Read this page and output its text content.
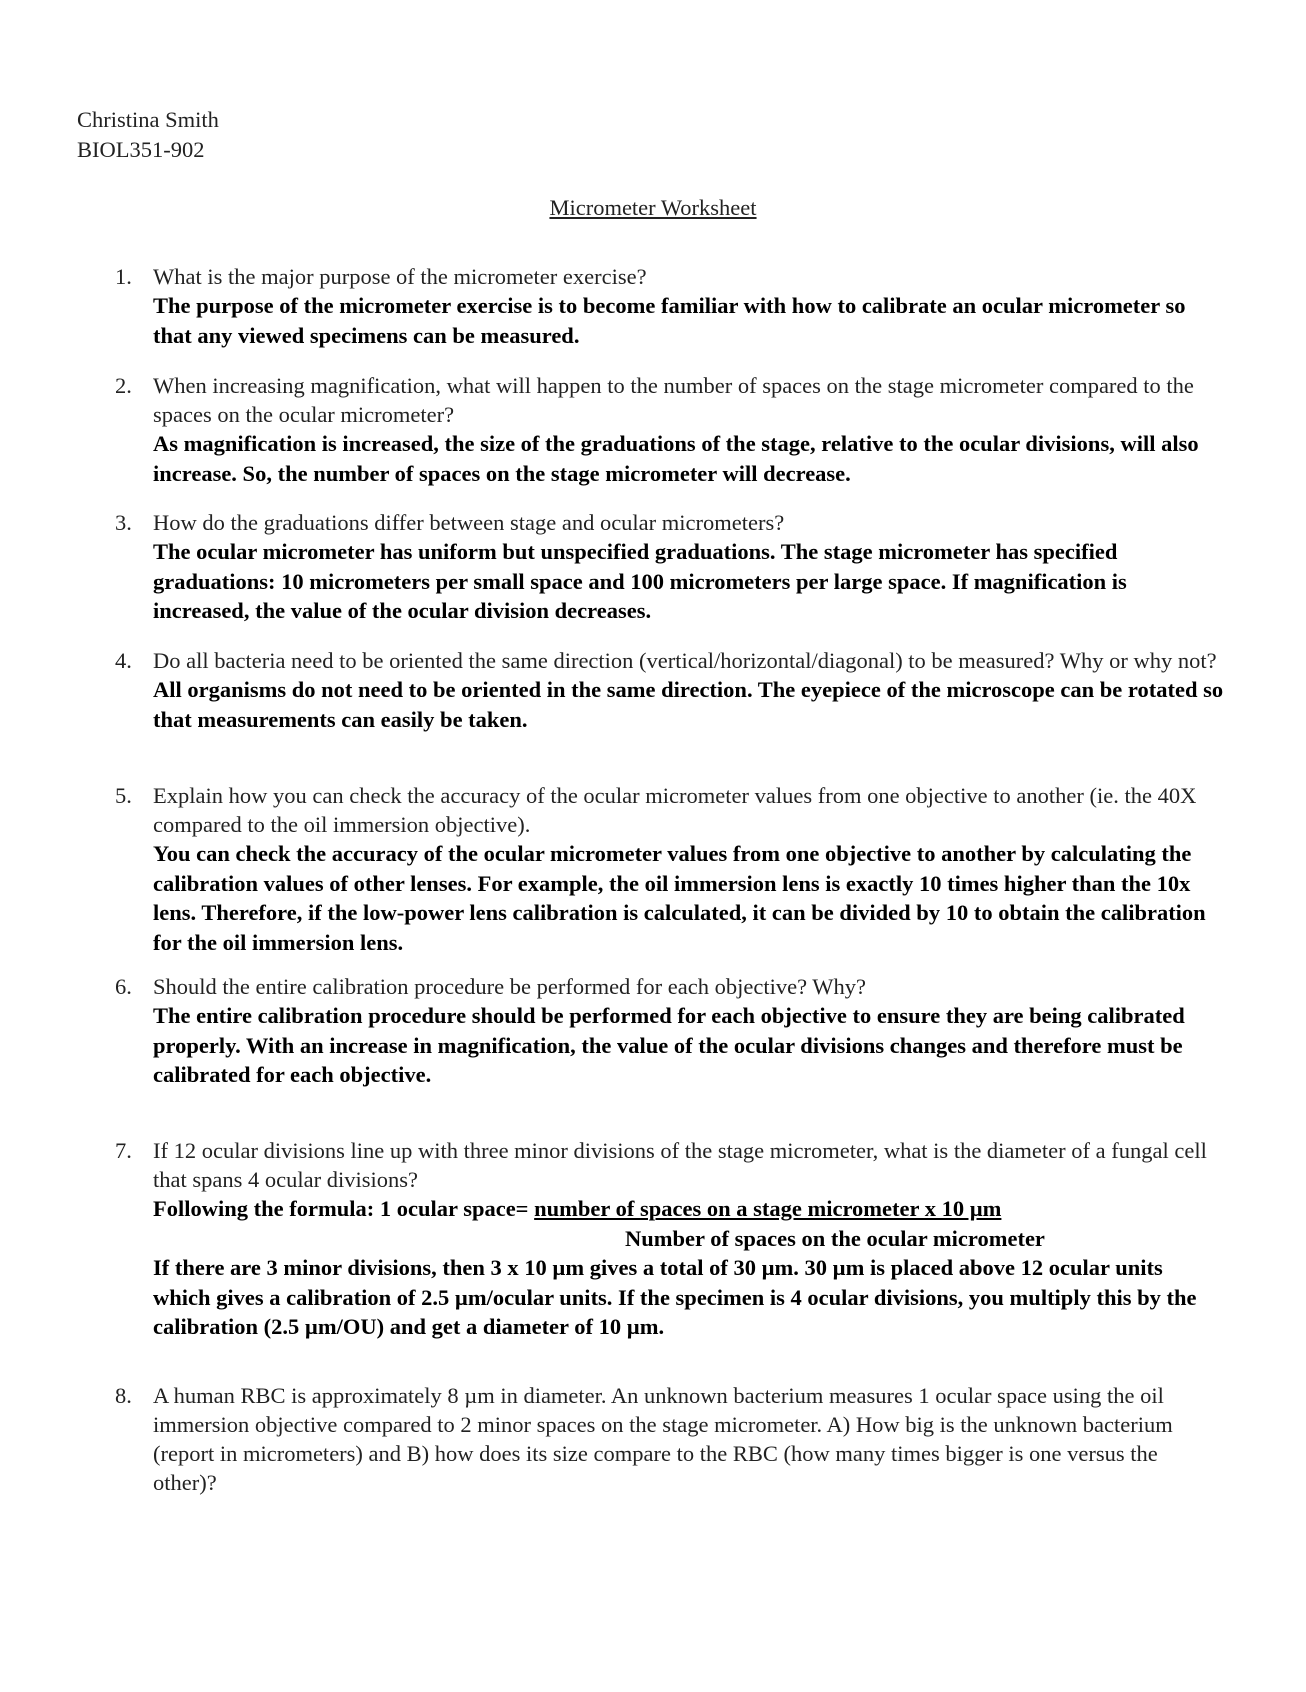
Christina Smith
BIOL351-902
Micrometer Worksheet
1. What is the major purpose of the micrometer exercise?
The purpose of the micrometer exercise is to become familiar with how to calibrate an ocular micrometer so that any viewed specimens can be measured.
2. When increasing magnification, what will happen to the number of spaces on the stage micrometer compared to the spaces on the ocular micrometer?
As magnification is increased, the size of the graduations of the stage, relative to the ocular divisions, will also increase. So, the number of spaces on the stage micrometer will decrease.
3. How do the graduations differ between stage and ocular micrometers?
The ocular micrometer has uniform but unspecified graduations. The stage micrometer has specified graduations: 10 micrometers per small space and 100 micrometers per large space. If magnification is increased, the value of the ocular division decreases.
4. Do all bacteria need to be oriented the same direction (vertical/horizontal/diagonal) to be measured? Why or why not?
All organisms do not need to be oriented in the same direction. The eyepiece of the microscope can be rotated so that measurements can easily be taken.
5. Explain how you can check the accuracy of the ocular micrometer values from one objective to another (ie. the 40X compared to the oil immersion objective).
You can check the accuracy of the ocular micrometer values from one objective to another by calculating the calibration values of other lenses. For example, the oil immersion lens is exactly 10 times higher than the 10x lens. Therefore, if the low-power lens calibration is calculated, it can be divided by 10 to obtain the calibration for the oil immersion lens.
6. Should the entire calibration procedure be performed for each objective? Why?
The entire calibration procedure should be performed for each objective to ensure they are being calibrated properly. With an increase in magnification, the value of the ocular divisions changes and therefore must be calibrated for each objective.
7. If 12 ocular divisions line up with three minor divisions of the stage micrometer, what is the diameter of a fungal cell that spans 4 ocular divisions?
Following the formula: 1 ocular space= number of spaces on a stage micrometer x 10 µm
Number of spaces on the ocular micrometer
If there are 3 minor divisions, then 3 x 10 µm gives a total of 30 µm. 30 µm is placed above 12 ocular units which gives a calibration of 2.5 µm/ocular units. If the specimen is 4 ocular divisions, you multiply this by the calibration (2.5 µm/OU) and get a diameter of 10 µm.
8. A human RBC is approximately 8 µm in diameter. An unknown bacterium measures 1 ocular space using the oil immersion objective compared to 2 minor spaces on the stage micrometer. A) How big is the unknown bacterium (report in micrometers) and B) how does its size compare to the RBC (how many times bigger is one versus the other)?
